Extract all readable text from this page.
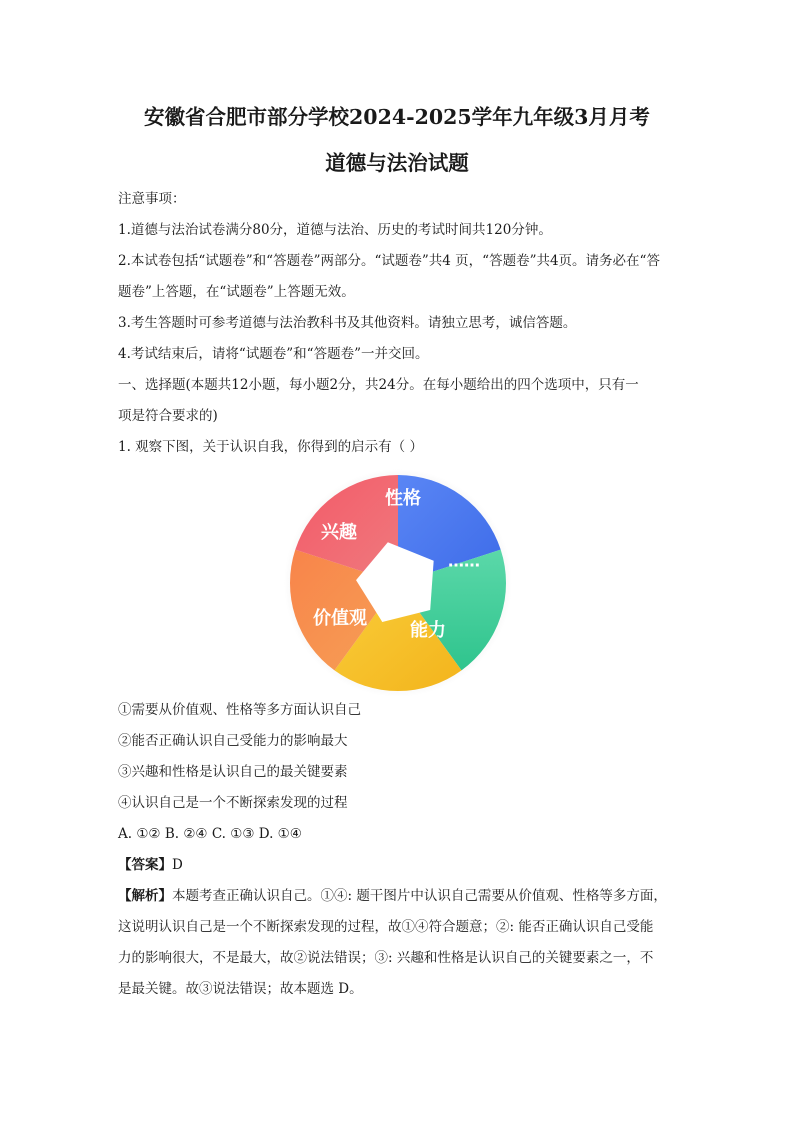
安徽省合肥市部分学校2024-2025学年九年级3月月考
道德与法治试题

注意事项：

1.道德与法治试卷满分80分，道德与法治、历史的考试时间共120分钟。

2.本试卷包括“试题卷”和“答题卷”两部分。“试题卷”共4 页，“答题卷”共4页。请务必在“答

题卷”上答题，在“试题卷”上答题无效。

3.考生答题时可参考道德与法治教科书及其他资料。请独立思考，诚信答题。

4.考试结束后，请将“试题卷”和“答题卷”一并交回。

一、选择题(本题共12小题，每小题2分，共24分。在每小题给出的四个选项中，只有一

项是符合要求的)

1. 观察下图，关于认识自我，你得到的启示有（ ）

性格
……
能力
价值观
兴趣

①需要从价值观、性格等多方面认识自己

②能否正确认识自己受能力的影响最大

③兴趣和性格是认识自己的最关键要素

④认识自己是一个不断探索发现的过程

A. ①② B. ②④ C. ①③ D. ①④

【答案】D

【解析】本题考查正确认识自己。①④: 题干图片中认识自己需要从价值观、性格等多方面，

这说明认识自己是一个不断探索发现的过程，故①④符合题意；②: 能否正确认识自己受能

力的影响很大，不是最大，故②说法错误；③: 兴趣和性格是认识自己的关键要素之一，不

是最关键。故③说法错误；故本题选 D。
